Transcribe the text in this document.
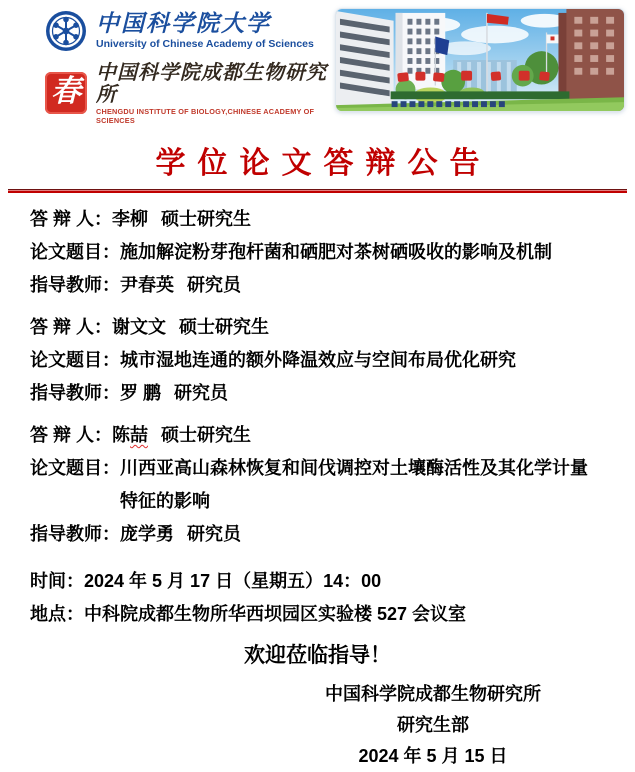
中国科学院大学
University of Chinese Academy of Sciences
春
中国科学院成都生物研究所
CHENGDU INSTITUTE OF BIOLOGY,CHINESE ACADEMY OF SCIENCES
学位论文答辩公告
答 辩 人： 李柳 硕士研究生
论文题目： 施加解淀粉芽孢杆菌和硒肥对茶树硒吸收的影响及机制
指导教师： 尹春英 研究员
答 辩 人： 谢文文 硕士研究生
论文题目： 城市湿地连通的额外降温效应与空间布局优化研究
指导教师： 罗 鹏 研究员
答 辩 人： 陈 喆 硕士研究生
论文题目： 川西亚高山森林恢复和间伐调控对土壤酶活性及其化学计量特征的影响
指导教师： 庞学勇 研究员
时间： 2024 年 5 月 17 日（星期五）14：00
地点： 中科院成都生物所华西坝园区实验楼 527 会议室
欢迎莅临指导！
中国科学院成都生物研究所
研究生部
2024 年 5 月 15 日
